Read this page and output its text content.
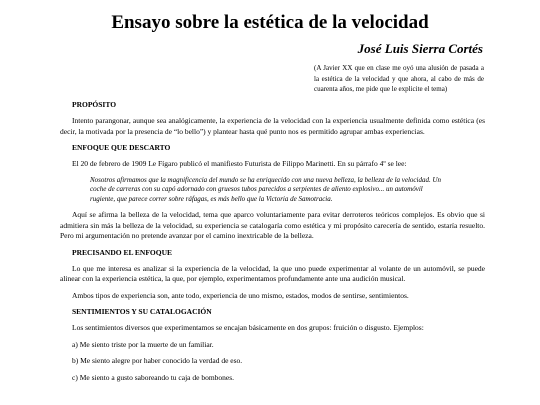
Ensayo sobre la estética de la velocidad
José Luis Sierra Cortés

(A Javier XX que en clase me oyó una alusión de pasada a la estética de la velocidad y que ahora, al cabo de más de cuarenta años, me pide que le explicite el tema)

PROPÓSITO

Intento parangonar, aunque sea analógicamente, la experiencia de la velocidad con la experiencia usualmente definida como estética (es decir, la motivada por la presencia de “lo bello”) y plantear hasta qué punto nos es permitido agrupar ambas experiencias.

ENFOQUE QUE DESCARTO

El 20 de febrero de 1909 Le Fígaro publicó el manifiesto Futurista de Filippo Marinetti. En su párrafo 4º se lee:

Nosotros afirmamos que la magnificencia del mundo se ha enriquecido con una nueva belleza, la belleza de la velocidad. Un coche de carreras con su capó adornado con gruesos tubos parecidos a serpientes de aliento explosivo... un automóvil rugiente, que parece correr sobre ráfagas, es más bello que la Victoria de Samotracia.

Aquí se afirma la belleza de la velocidad, tema que aparco voluntariamente para evitar derroteros teóricos complejos. Es obvio que si admitiera sin más la belleza de la velocidad, su experiencia se catalogaría como estética y mi propósito carecería de sentido, estaría resuelto. Pero mi argumentación no pretende avanzar por el camino inextricable de la belleza.

PRECISANDO EL ENFOQUE

Lo que me interesa es analizar si la experiencia de la velocidad, la que uno puede experimentar al volante de un automóvil, se puede alinear con la experiencia estética, la que, por ejemplo, experimentamos profundamente ante una audición musical.

Ambos tipos de experiencia son, ante todo, experiencia de uno mismo, estados, modos de sentirse, sentimientos.

SENTIMIENTOS Y SU CATALOGACIÓN

Los sentimientos diversos que experimentamos se encajan básicamente en dos grupos: fruición o disgusto. Ejemplos:

a) Me siento triste por la muerte de un familiar.

b) Me siento alegre por haber conocido la verdad de eso.

c) Me siento a gusto saboreando tu caja de bombones.
